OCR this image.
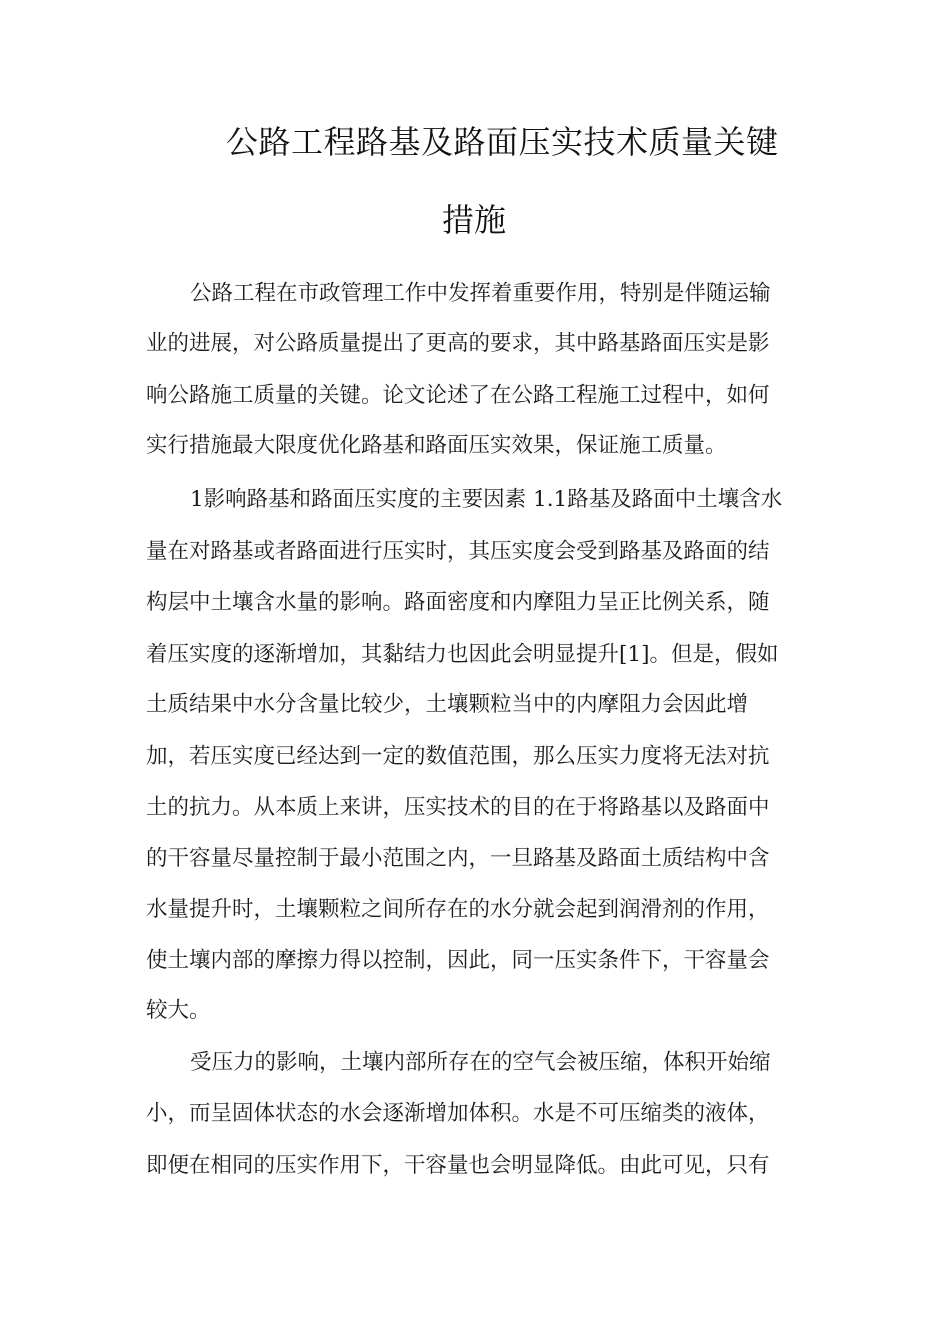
公路工程路基及路面压实技术质量关键
措施
公路工程在市政管理工作中发挥着重要作用，特别是伴随运输
业的进展，对公路质量提出了更高的要求，其中路基路面压实是影
响公路施工质量的关键。论文论述了在公路工程施工过程中，如何
实行措施最大限度优化路基和路面压实效果，保证施工质量。
1影响路基和路面压实度的主要因素 1.1路基及路面中土壤含水
量在对路基或者路面进行压实时，其压实度会受到路基及路面的结
构层中土壤含水量的影响。路面密度和内摩阻力呈正比例关系，随
着压实度的逐渐增加，其黏结力也因此会明显提升[1]。但是，假如
土质结果中水分含量比较少，土壤颗粒当中的内摩阻力会因此增
加，若压实度已经达到一定的数值范围，那么压实力度将无法对抗
土的抗力。从本质上来讲，压实技术的目的在于将路基以及路面中
的干容量尽量控制于最小范围之内，一旦路基及路面土质结构中含
水量提升时，土壤颗粒之间所存在的水分就会起到润滑剂的作用，
使土壤内部的摩擦力得以控制，因此，同一压实条件下，干容量会
较大。
受压力的影响，土壤内部所存在的空气会被压缩，体积开始缩
小，而呈固体状态的水会逐渐增加体积。水是不可压缩类的液体，
即便在相同的压实作用下，干容量也会明显降低。由此可见，只有
